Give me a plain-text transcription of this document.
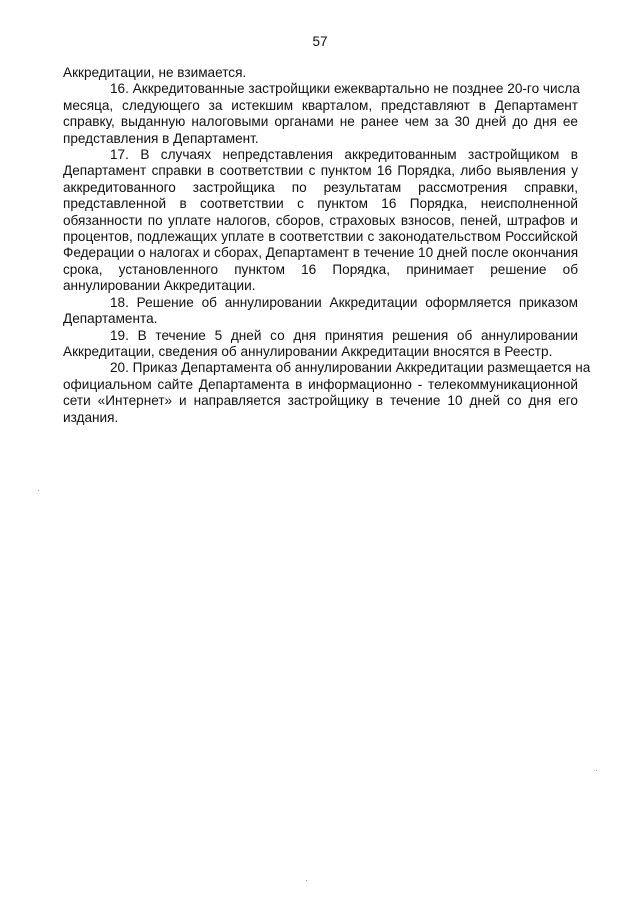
57
Аккредитации, не взимается.
16. Аккредитованные застройщики ежеквартально не позднее 20-го числа
месяца, следующего за истекшим кварталом, представляют в Департамент
справку, выданную налоговыми органами не ранее чем за 30 дней до дня ее
представления в Департамент.
17. В случаях непредставления аккредитованным застройщиком в
Департамент справки в соответствии с пунктом 16 Порядка, либо выявления у
аккредитованного застройщика по результатам рассмотрения справки,
представленной в соответствии с пунктом 16 Порядка, неисполненной
обязанности по уплате налогов, сборов, страховых взносов, пеней, штрафов и
процентов, подлежащих уплате в соответствии с законодательством Российской
Федерации о налогах и сборах, Департамент в течение 10 дней после окончания
срока, установленного пунктом 16 Порядка, принимает решение об
аннулировании Аккредитации.
18. Решение об аннулировании Аккредитации оформляется приказом
Департамента.
19. В течение 5 дней со дня принятия решения об аннулировании
Аккредитации, сведения об аннулировании Аккредитации вносятся в Реестр.
20. Приказ Департамента об аннулировании Аккредитации размещается на
официальном сайте Департамента в информационно - телекоммуникационной
сети «Интернет» и направляется застройщику в течение 10 дней со дня его
издания.
